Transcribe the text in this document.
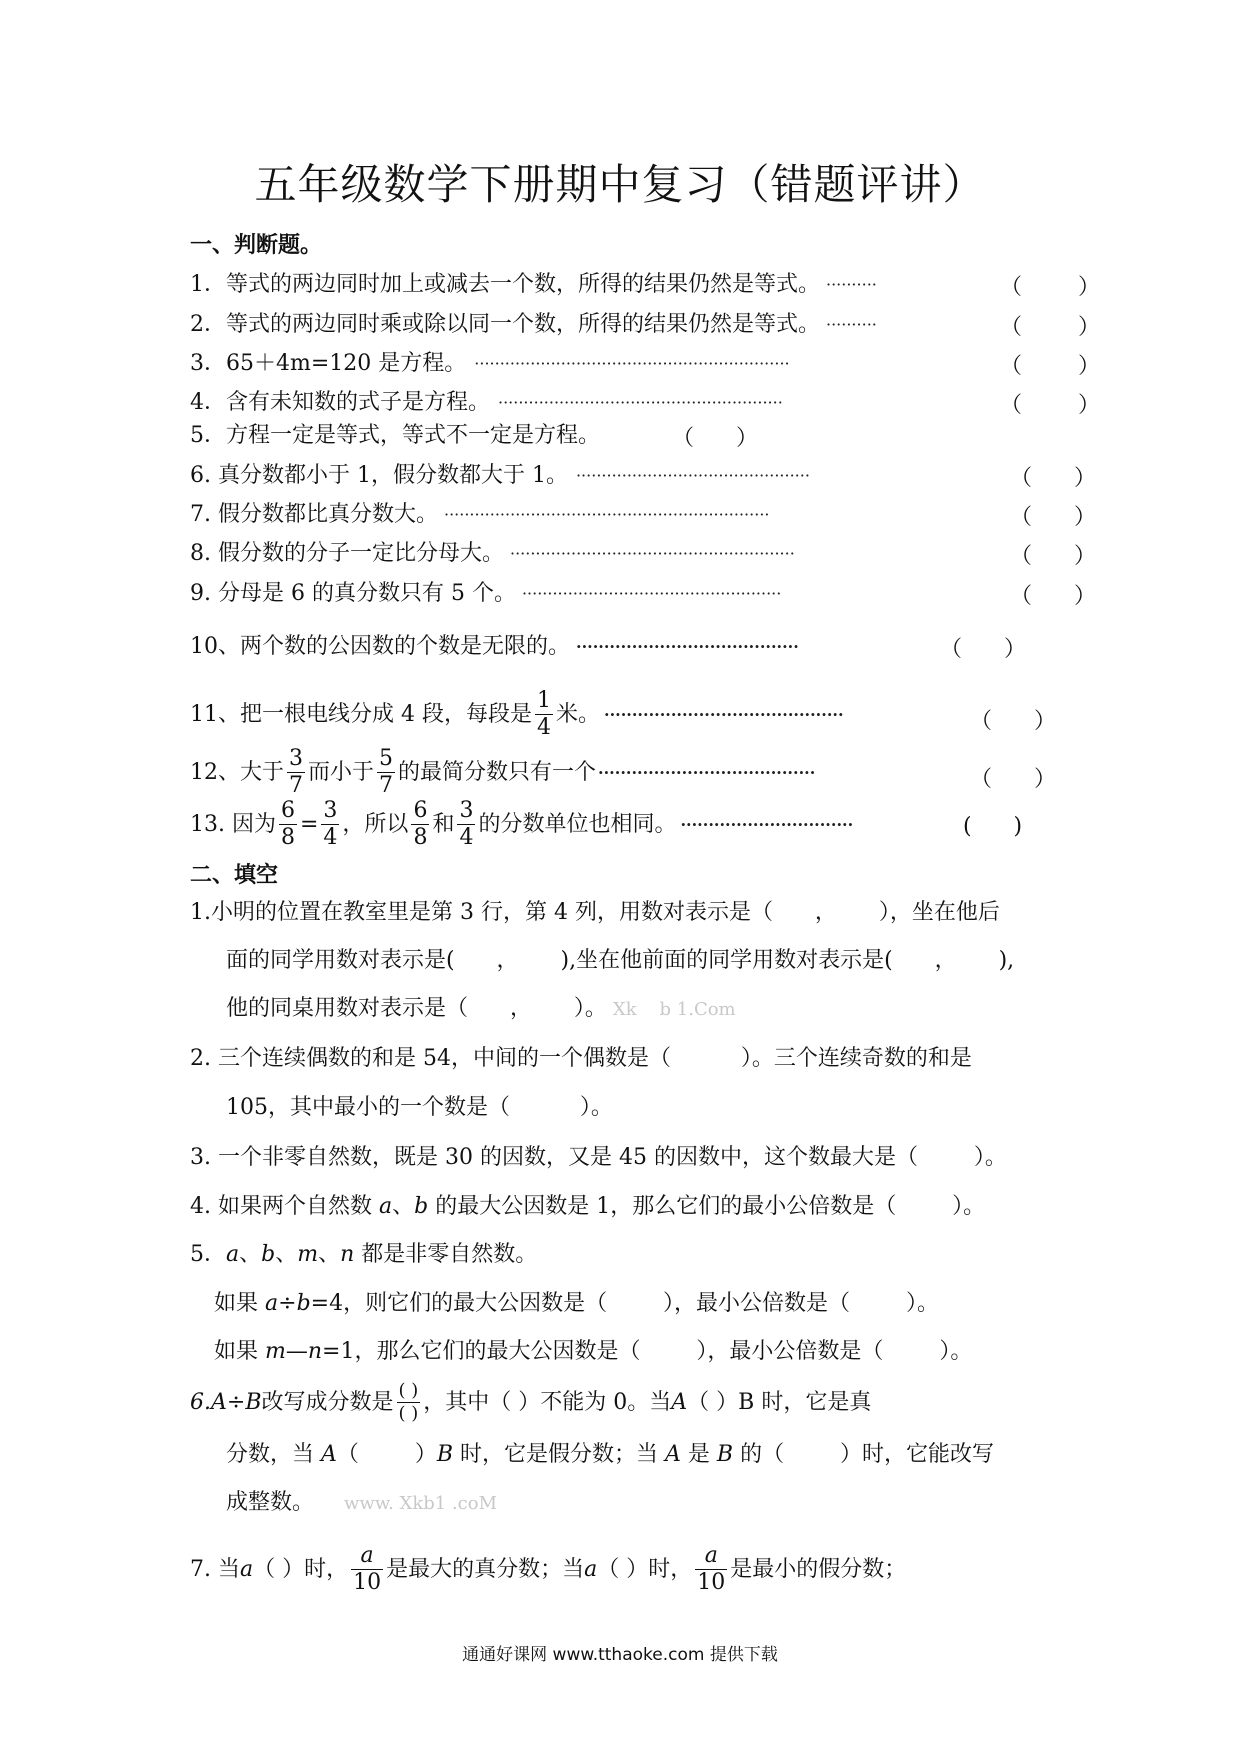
五年级数学下册期中复习（错题评讲）
一、判断题。
1．等式的两边同时加上或减去一个数，所得的结果仍然是等式。 ··········	（        ）
2．等式的两边同时乘或除以同一个数，所得的结果仍然是等式。 ··········	（        ）
3．65＋4m=120 是方程。 ······························································	（        ）
4．含有未知数的式子是方程。 ························································	（        ）
5．方程一定是等式，等式不一定是方程。	（      ）
6. 真分数都小于 1，假分数都大于 1。 ··············································	（      ）
7. 假分数都比真分数大。 ································································	（      ）
8. 假分数的分子一定比分母大。 ························································	（      ）
9. 分母是 6 的真分数只有 5 个。 ···················································	（      ）
10、两个数的公因数的个数是无限的。 ········································	（      ）
11、把一根电线分成 4 段，每段是 $\frac{1}{4}$ 米。 ···········································	（      ）
12、大于 $\frac{3}{7}$ 而小于 $\frac{5}{7}$ 的最简分数只有一个 ·······································	（      ）
13. 因为 $\frac{6}{8} = \frac{3}{4}$ ，所以 $\frac{6}{8}$ 和 $\frac{3}{4}$ 的分数单位也相同。 ·······························	(      )
二、填空
1.小明的位置在教室里是第 3 行，第 4 列，用数对表示是（      ，      ），坐在他后
面的同学用数对表示是(      ，      ),坐在他前面的同学用数对表示是(      ，      ),
他的同桌用数对表示是（      ，      ）。 Xk    b 1.Com
2. 三个连续偶数的和是 54，中间的一个偶数是（          ）。三个连续奇数的和是
105，其中最小的一个数是（          ）。
3. 一个非零自然数，既是 30 的因数，又是 45 的因数中，这个数最大是（        ）。
4. 如果两个自然数 a、b 的最大公因数是 1，那么它们的最小公倍数是（        ）。
5．a、b、m、n 都是非零自然数。
如果 a÷b=4，则它们的最大公因数是（        ），最小公倍数是（        ）。
如果 m—n=1，那么它们的最大公因数是（        ），最小公倍数是（        ）。
6. A ÷ B 改写成分数是 $\frac{( )}{( )}$ ，其中（ ）不能为 0。当 A （ ）B 时，它是真
分数，当 A（        ）B 时，它是假分数；当 A 是 B 的（        ）时，它能改写
成整数。 www. Xkb1 .coM
7. 当 a （ ）时， $\frac{a}{10}$ 是最大的真分数；当 a （ ）时， $\frac{a}{10}$ 是最小的假分数；
通通好课网 www.tthaoke.com 提供下载
